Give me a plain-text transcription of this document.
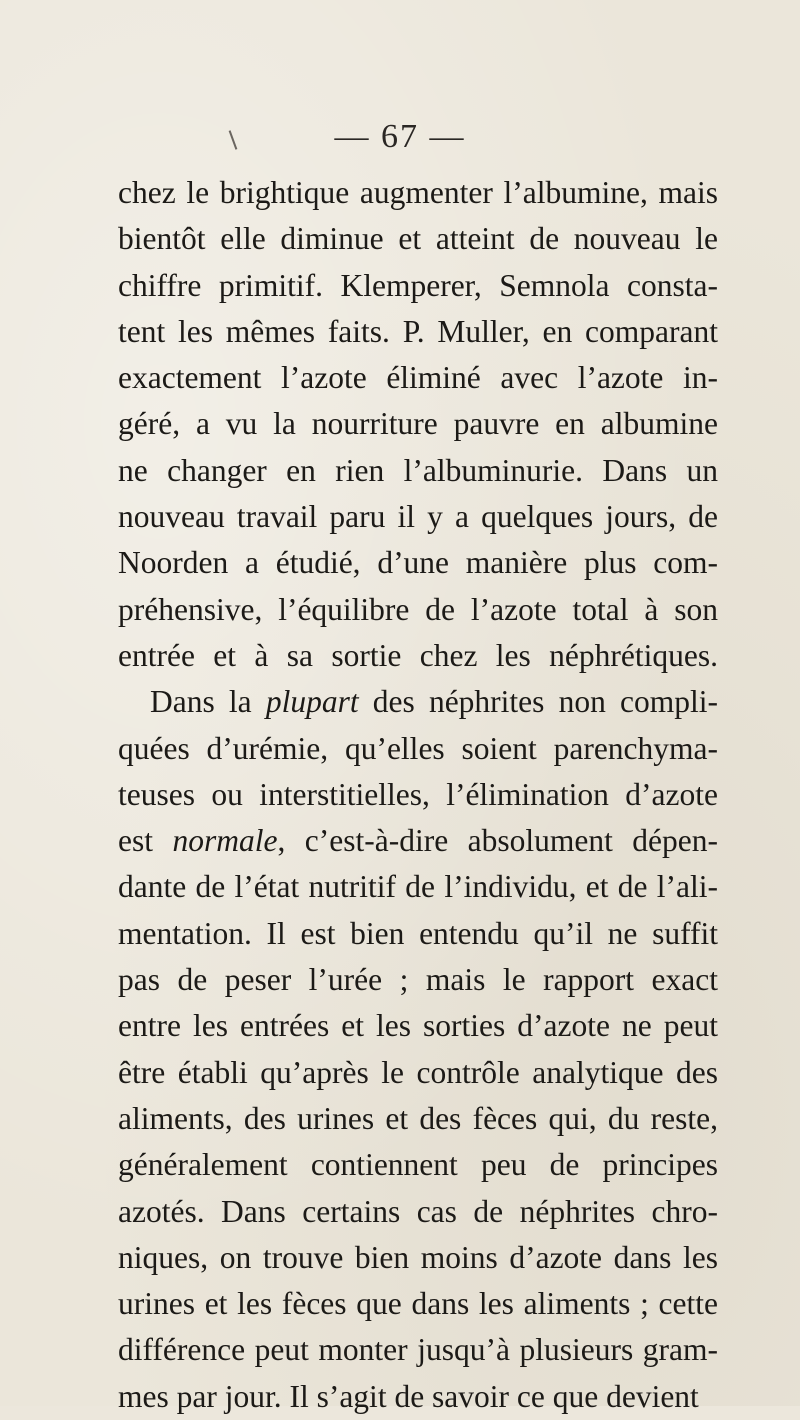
— 67 —
chez le brightique augmenter l’albumine, mais
bientôt elle diminue et atteint de nouveau le
chiffre primitif. Klemperer, Semnola consta-
tent les mêmes faits. P. Muller, en comparant
exactement l’azote éliminé avec l’azote in-
géré, a vu la nourriture pauvre en albumine
ne changer en rien l’albuminurie. Dans un
nouveau travail paru il y a quelques jours, de
Noorden a étudié, d’une manière plus com-
préhensive, l’équilibre de l’azote total à son
entrée et à sa sortie chez les néphrétiques.
Dans la plupart des néphrites non compli-
quées d’urémie, qu’elles soient parenchyma-
teuses ou interstitielles, l’élimination d’azote
est normale, c’est-à-dire absolument dépen-
dante de l’état nutritif de l’individu, et de l’ali-
mentation. Il est bien entendu qu’il ne suffit
pas de peser l’urée ; mais le rapport exact
entre les entrées et les sorties d’azote ne peut
être établi qu’après le contrôle analytique des
aliments, des urines et des fèces qui, du reste,
généralement contiennent peu de principes
azotés. Dans certains cas de néphrites chro-
niques, on trouve bien moins d’azote dans les
urines et les fèces que dans les aliments ; cette
différence peut monter jusqu’à plusieurs gram-
mes par jour. Il s’agit de savoir ce que devient
